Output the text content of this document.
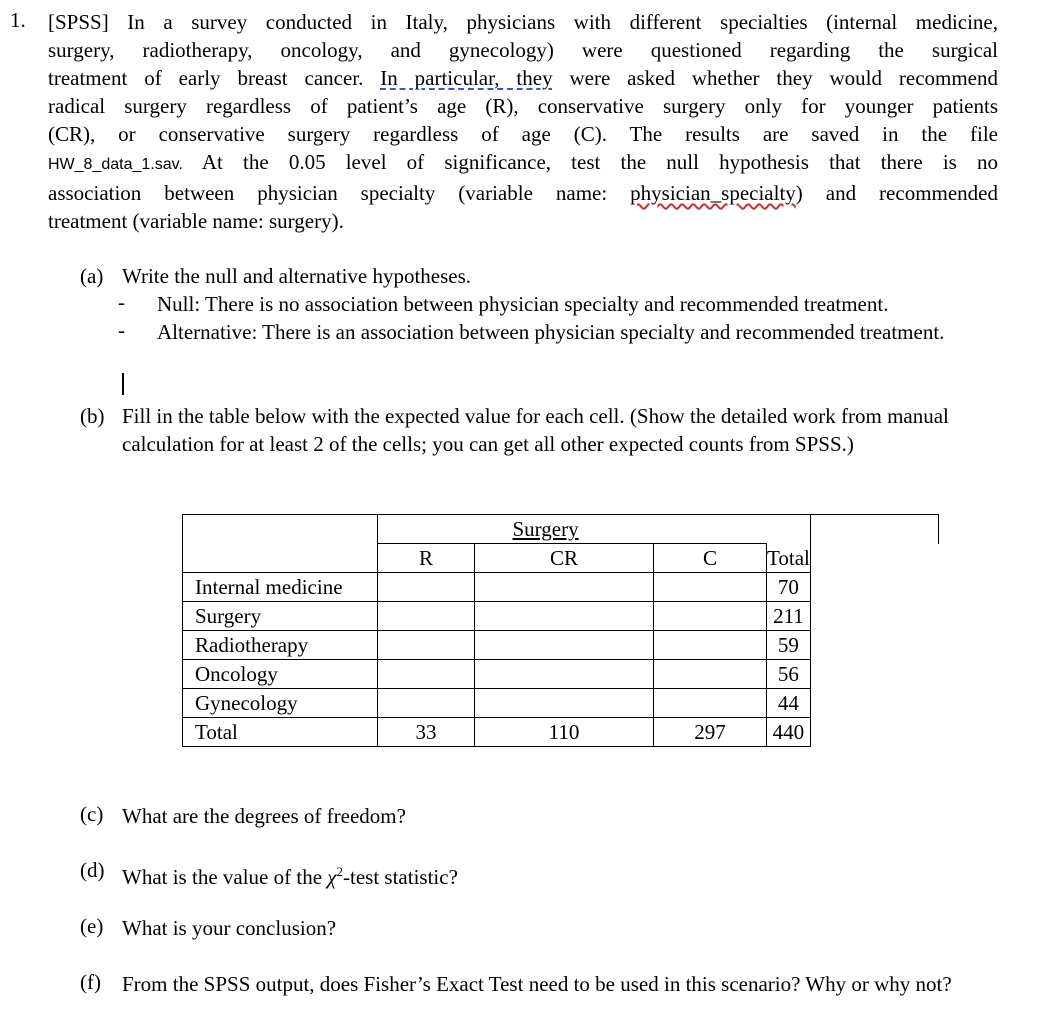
1. [SPSS] In a survey conducted in Italy, physicians with different specialties (internal medicine,
surgery, radiotherapy, oncology, and gynecology) were questioned regarding the surgical
treatment of early breast cancer. In particular, they were asked whether they would recommend
radical surgery regardless of patient’s age (R), conservative surgery only for younger patients
(CR), or conservative surgery regardless of age (C). The results are saved in the file
HW_8_data_1.sav. At the 0.05 level of significance, test the null hypothesis that there is no
association between physician specialty (variable name: physician_specialty) and recommended
treatment (variable name: surgery).
(a) Write the null and alternative hypotheses.
- Null: There is no association between physician specialty and recommended treatment.
- Alternative: There is an association between physician specialty and recommended treatment.
(b) Fill in the table below with the expected value for each cell. (Show the detailed work from manual calculation for at least 2 of the cells; you can get all other expected counts from SPSS.)
		Surgery			
	R	CR	C	Total	
Internal medicine				70	
Surgery				211	
Radiotherapy				59	
Oncology				56	
Gynecology				44	
Total	33	110	297	440	
(c) What are the degrees of freedom?
(d) What is the value of the $\chi^2$-test statistic?
(e) What is your conclusion?
(f) From the SPSS output, does Fisher’s Exact Test need to be used in this scenario? Why or why not?
